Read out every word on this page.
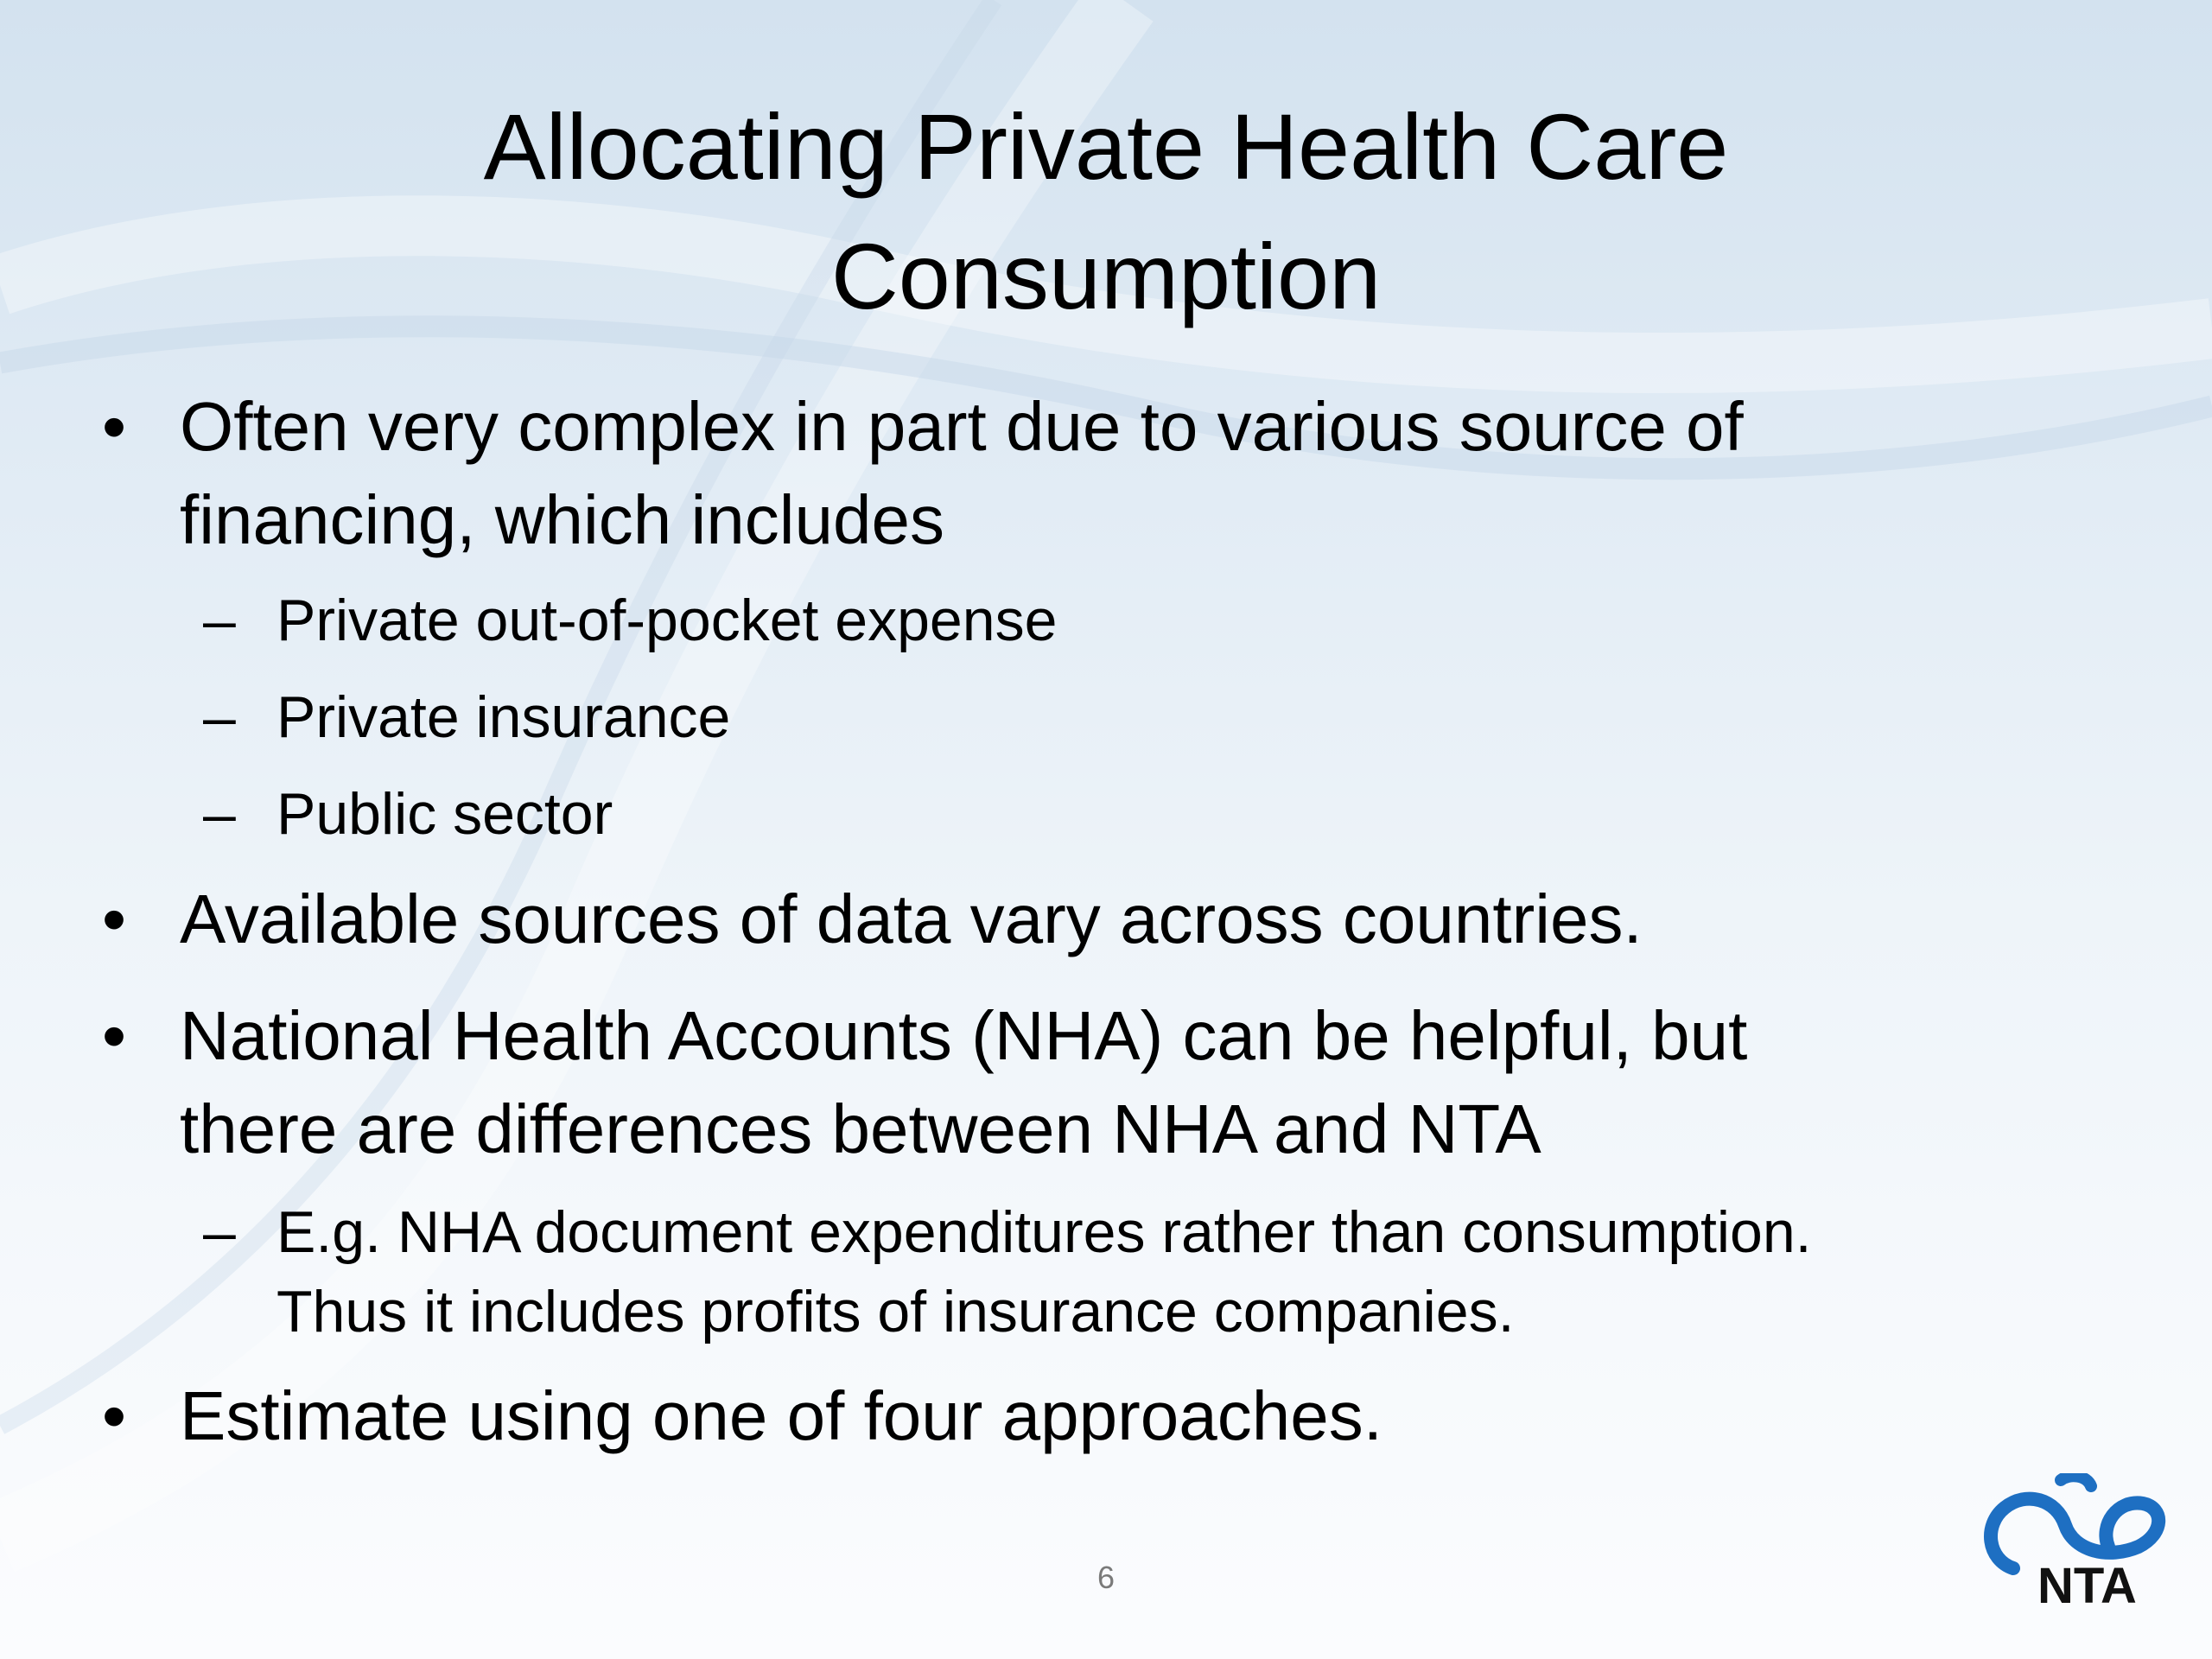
Allocating Private Health Care
Consumption
• Often very complex in part due to various source of
financing, which includes
– Private out-of-pocket expense
– Private insurance
– Public sector
• Available sources of data vary across countries.
• National Health Accounts (NHA) can be helpful, but
there are differences between NHA and NTA
– E.g. NHA document expenditures rather than consumption.
Thus it includes profits of insurance companies.
• Estimate using one of four approaches.
6	NTA
